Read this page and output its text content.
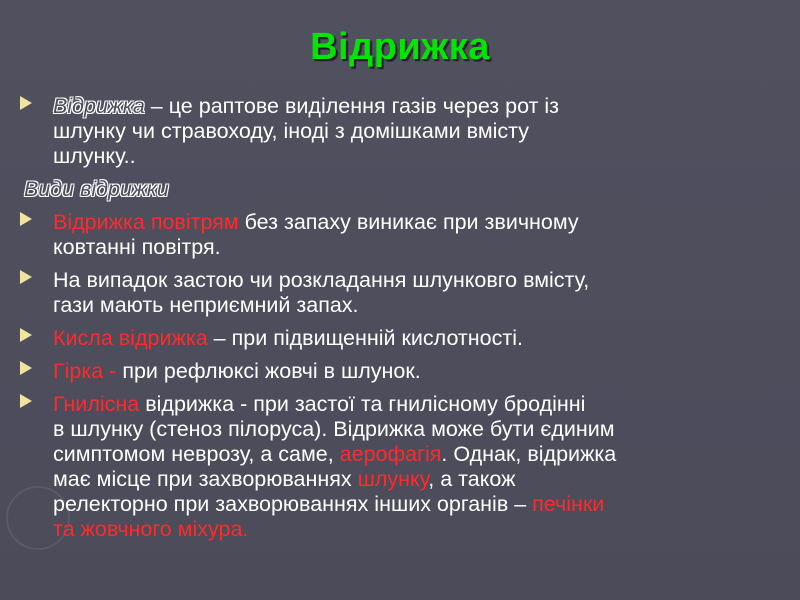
Відрижка
Відрижка – це раптове виділення газів через рот із
шлунку чи стравоходу, іноді з домішками вмісту
шлунку..
Види відрижки
Відрижка повітрям без запаху виникає при звичному
ковтанні повітря.
На випадок застою чи розкладання шлунковго вмісту,
гази мають неприємний запах.
Кисла відрижка – при підвищенній кислотності.
Гірка - при рефлюксі жовчі в шлунок.
Гнилісна відрижка - при застої та гнилісному бродінні
в шлунку (стеноз пілоруса). Відрижка може бути єдиним
симптомом неврозу, а саме, аерофагія. Однак, відрижка
має місце при захворюваннях шлунку, а також
релекторно при захворюваннях інших органів – печінки
та жовчного міхура.
